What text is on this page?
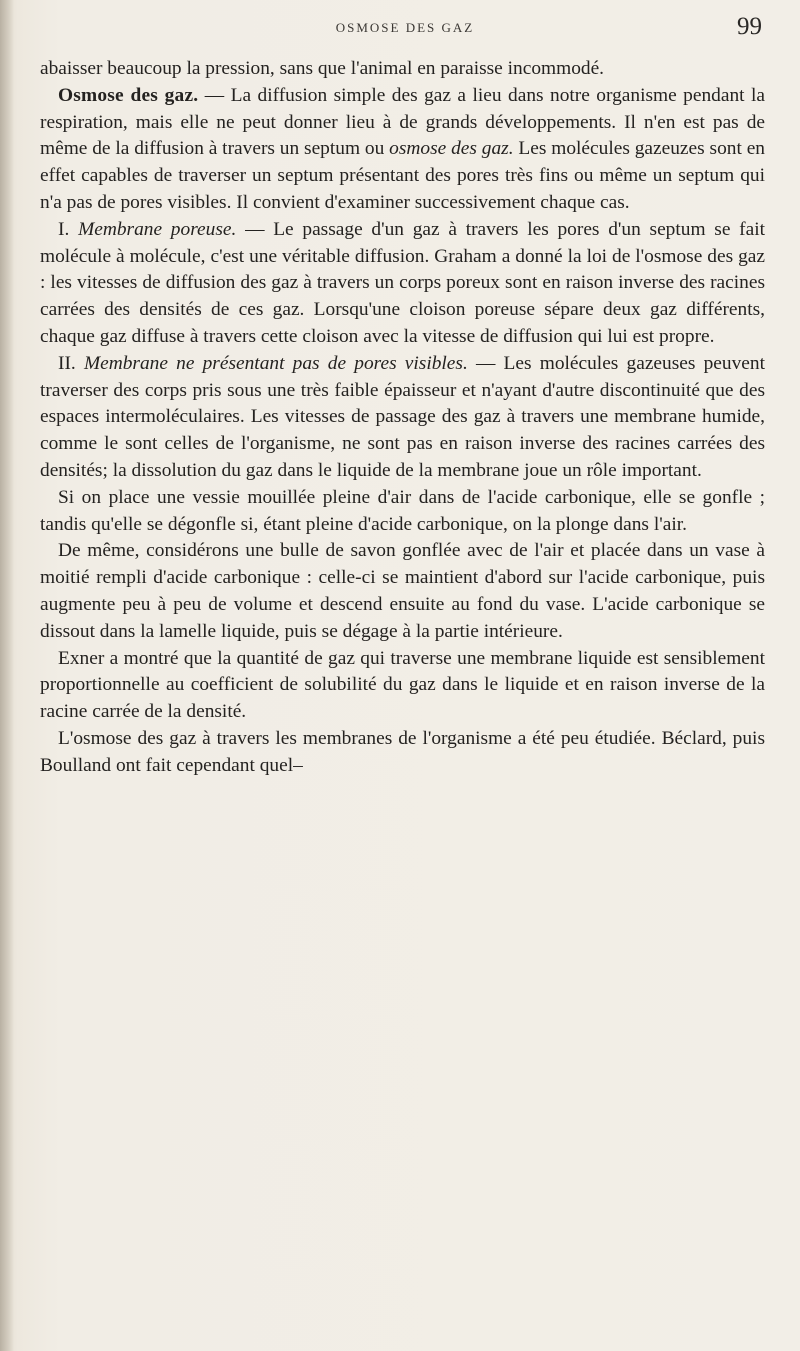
OSMOSE DES GAZ	99

abaisser beaucoup la pression, sans que l'animal en paraisse incommodé.

Osmose des gaz. — La diffusion simple des gaz a lieu dans notre organisme pendant la respiration, mais elle ne peut donner lieu à de grands développements. Il n'en est pas de même de la diffusion à travers un septum ou osmose des gaz. Les molécules gazeuzes sont en effet capables de traverser un septum présentant des pores très fins ou même un septum qui n'a pas de pores visibles. Il convient d'examiner successivement chaque cas.

I. Membrane poreuse. — Le passage d'un gaz à travers les pores d'un septum se fait molécule à molécule, c'est une véritable diffusion. Graham a donné la loi de l'osmose des gaz : les vitesses de diffusion des gaz à travers un corps poreux sont en raison inverse des racines carrées des densités de ces gaz. Lorsqu'une cloison poreuse sépare deux gaz différents, chaque gaz diffuse à travers cette cloison avec la vitesse de diffusion qui lui est propre.

II. Membrane ne présentant pas de pores visibles. — Les molécules gazeuses peuvent traverser des corps pris sous une très faible épaisseur et n'ayant d'autre discontinuité que des espaces intermoléculaires. Les vitesses de passage des gaz à travers une membrane humide, comme le sont celles de l'organisme, ne sont pas en raison inverse des racines carrées des densités; la dissolution du gaz dans le liquide de la membrane joue un rôle important.

Si on place une vessie mouillée pleine d'air dans de l'acide carbonique, elle se gonfle ; tandis qu'elle se dégonfle si, étant pleine d'acide carbonique, on la plonge dans l'air.

De même, considérons une bulle de savon gonflée avec de l'air et placée dans un vase à moitié rempli d'acide carbonique : celle-ci se maintient d'abord sur l'acide carbonique, puis augmente peu à peu de volume et descend ensuite au fond du vase. L'acide carbonique se dissout dans la lamelle liquide, puis se dégage à la partie intérieure.

Exner a montré que la quantité de gaz qui traverse une membrane liquide est sensiblement proportionnelle au coefficient de solubilité du gaz dans le liquide et en raison inverse de la racine carrée de la densité.

L'osmose des gaz à travers les membranes de l'organisme a été peu étudiée. Béclard, puis Boulland ont fait cependant quel–
